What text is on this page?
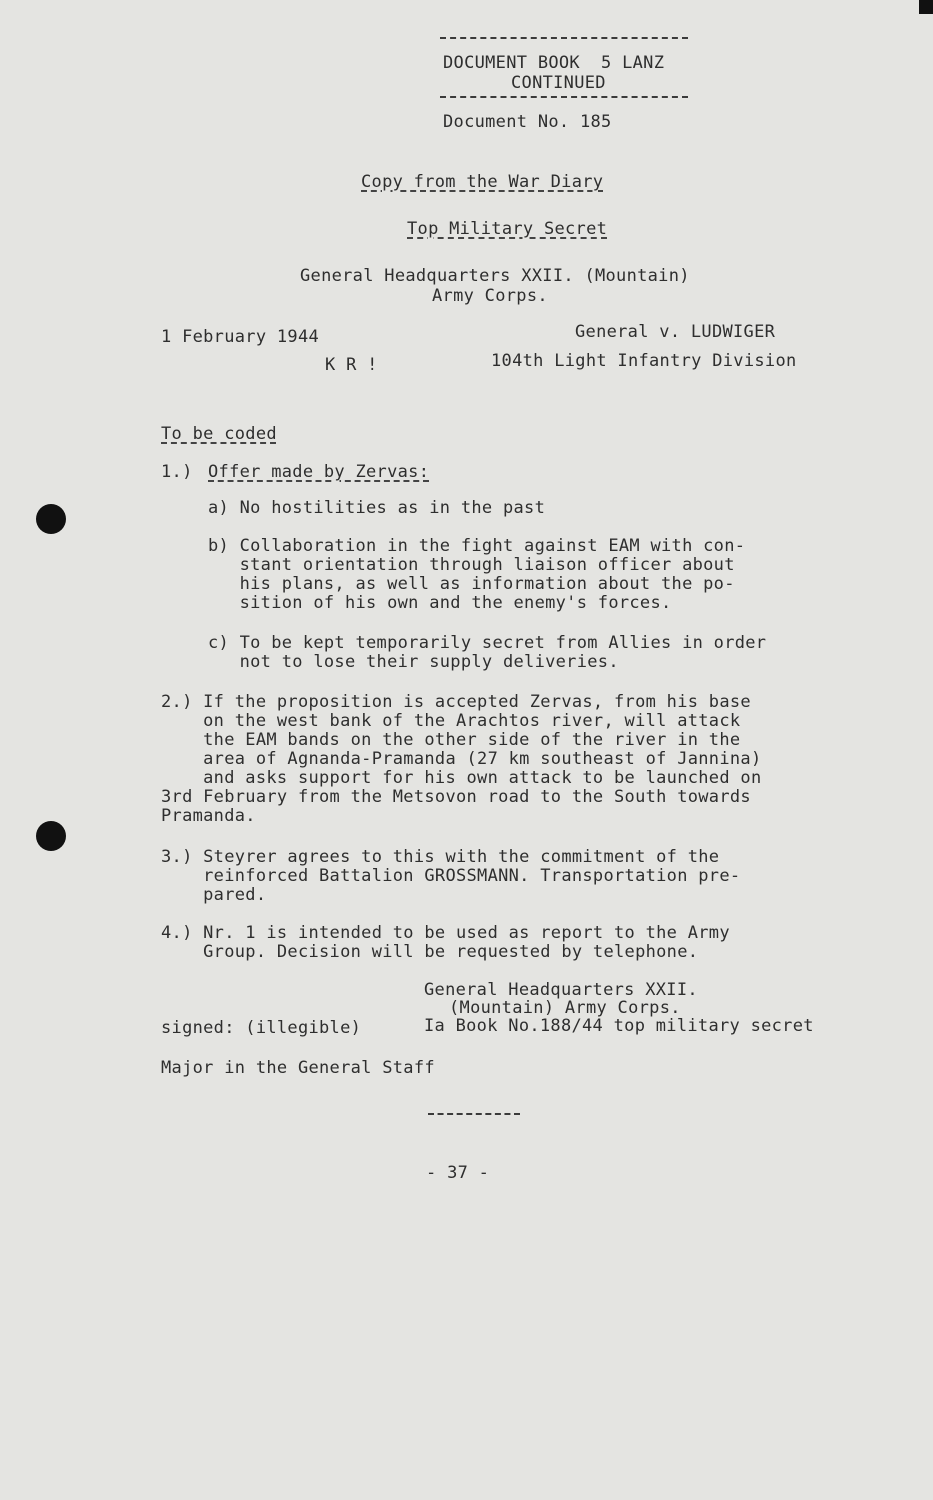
DOCUMENT BOOK  5 LANZ
CONTINUED
Document No. 185
Copy from the War Diary
Top Military Secret
General Headquarters XXII. (Mountain)
Army Corps.
1 February 1944
K R !
General v. LUDWIGER
104th Light Infantry Division
To be coded
1.) Offer made by Zervas:
a) No hostilities as in the past
b) Collaboration in the fight against EAM with con-
stant orientation through liaison officer about
his plans, as well as information about the po-
sition of his own and the enemy's forces.
c) To be kept temporarily secret from Allies in order
not to lose their supply deliveries.
2.) If the proposition is accepted Zervas, from his base
on the west bank of the Arachtos river, will attack
the EAM bands on the other side of the river in the
area of Agnanda-Pramanda (27 km southeast of Jannina)
and asks support for his own attack to be launched on
3rd February from the Metsovon road to the South towards
Pramanda.
3.) Steyrer agrees to this with the commitment of the
reinforced Battalion GROSSMANN. Transportation pre-
pared.
4.) Nr. 1 is intended to be used as report to the Army
Group. Decision will be requested by telephone.
General Headquarters XXII.
(Mountain) Army Corps.
signed: (illegible)	Ia Book No.188/44 top military secret
Major in the General Staff
- 37 -
